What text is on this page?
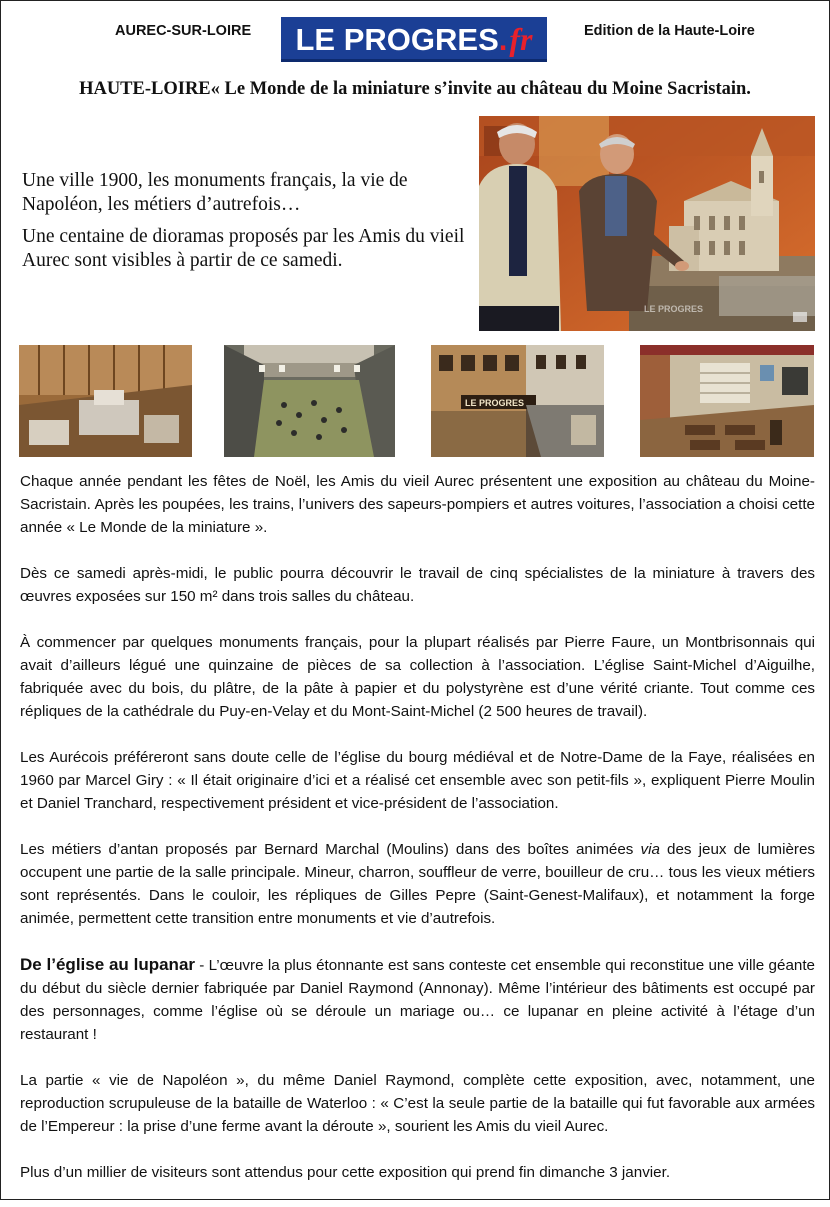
AUREC-SUR-LOIRE LE PROGRES . fr	Edition de la Haute-Loire
HAUTE-LOIRE« Le Monde de la miniature s’invite au château du Moine Sacristain.

Une ville 1900, les monuments français, la vie de Napoléon, les métiers d’autrefois…

Une centaine de dioramas proposés par les Amis du vieil Aurec sont visibles à partir de ce samedi.

LE PROGRES
LE PROGRES

Chaque année pendant les fêtes de Noël, les Amis du vieil Aurec présentent une exposition au château du Moine-Sacristain. Après les poupées, les trains, l’univers des sapeurs-pompiers et autres voitures, l’association a choisi cette année « Le Monde de la miniature ».

Dès ce samedi après-midi, le public pourra découvrir le travail de cinq spécialistes de la miniature à travers des œuvres exposées sur 150 m² dans trois salles du château.

À commencer par quelques monuments français, pour la plupart réalisés par Pierre Faure, un Montbrisonnais qui avait d’ailleurs légué une quinzaine de pièces de sa collection à l’association. L’église Saint-Michel d’Aiguilhe, fabriquée avec du bois, du plâtre, de la pâte à papier et du polystyrène est d’une vérité criante. Tout comme ces répliques de la cathédrale du Puy-en-Velay et du Mont-Saint-Michel (2 500 heures de travail).

Les Aurécois préféreront sans doute celle de l’église du bourg médiéval et de Notre-Dame de la Faye, réalisées en 1960 par Marcel Giry : « Il était originaire d’ici et a réalisé cet ensemble avec son petit-fils », expliquent Pierre Moulin et Daniel Tranchard, respectivement président et vice-président de l’association.

Les métiers d’antan proposés par Bernard Marchal (Moulins) dans des boîtes animées via des jeux de lumières occupent une partie de la salle principale. Mineur, charron, souffleur de verre, bouilleur de cru… tous les vieux métiers sont représentés. Dans le couloir, les répliques de Gilles Pepre (Saint-Genest-Malifaux), et notamment la forge animée, permettent cette transition entre monuments et vie d’autrefois.

De l’église au lupanar - L’œuvre la plus étonnante est sans conteste cet ensemble qui reconstitue une ville géante du début du siècle dernier fabriquée par Daniel Raymond (Annonay). Même l’intérieur des bâtiments est occupé par des personnages, comme l’église où se déroule un mariage ou… ce lupanar en pleine activité à l’étage d’un restaurant !

La partie « vie de Napoléon », du même Daniel Raymond, complète cette exposition, avec, notamment, une reproduction scrupuleuse de la bataille de Waterloo : « C’est la seule partie de la bataille qui fut favorable aux armées de l’Empereur : la prise d’une ferme avant la déroute », sourient les Amis du vieil Aurec.

Plus d’un millier de visiteurs sont attendus pour cette exposition qui prend fin dimanche 3 janvier.
